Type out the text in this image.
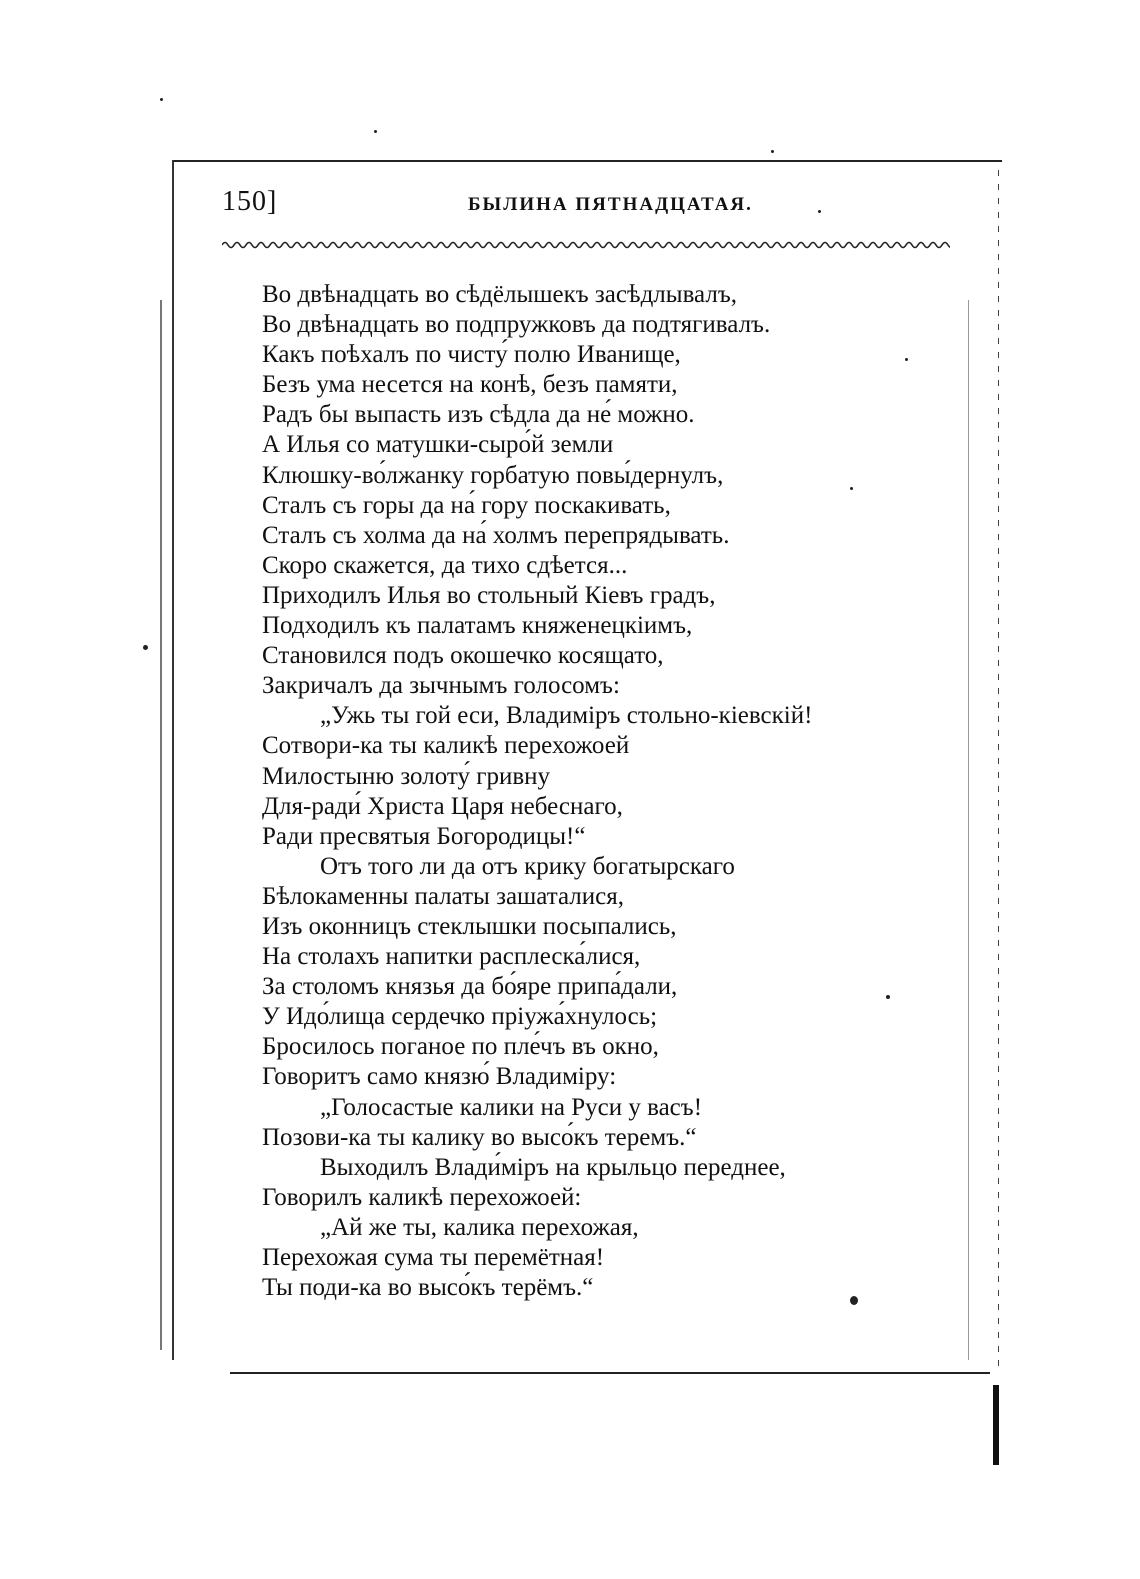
150]	БЫЛИНА ПЯТНАДЦАТАЯ.
Во двѣнадцать во сѣдёлышекъ засѣдлывалъ,
Во двѣнадцать во подпружковъ да подтягивалъ.
Какъ поѣхалъ по чисту́ полю Иванище,
Безъ ума несется на конѣ, безъ памяти,
Радъ бы выпасть изъ сѣдла да не́ можно.
А Илья со матушки-сыро́й земли
Клюшку-во́лжанку горбатую повы́дернулъ,
Сталъ съ горы да на́ гору поскакивать,
Сталъ съ холма да на́ холмъ перепрядывать.
Скоро скажется, да тихо сдѣется...
Приходилъ Илья во стольный Кіевъ градъ,
Подходилъ къ палатамъ княженецкіимъ,
Становился подъ окошечко косящато,
Закричалъ да зычнымъ голосомъ:
„Ужь ты гой еси, Владиміръ стольно-кіевскій!
Сотвори-ка ты каликѣ перехожоей
Милостыню золоту́ гривну
Для-ради́ Христа Царя небеснаго,
Ради пресвятыя Богородицы!“
Отъ того ли да отъ крику богатырскаго
Бѣлокаменны палаты зашаталися,
Изъ оконницъ стеклышки посыпались,
На столахъ напитки расплеска́лися,
За столомъ князья да бо́яре припа́дали,
У Идо́лища сердечко пріужа́хнулось;
Бросилось поганое по пле́чъ въ окно,
Говоритъ само князю́ Владиміру:
„Голосастые калики на Руси у васъ!
Позови-ка ты калику во высо́къ теремъ.“
Выходилъ Влади́міръ на крыльцо переднее,
Говорилъ каликѣ перехожоей:
„Ай же ты, калика перехожая,
Перехожая сума ты перемётная!
Ты поди-ка во высо́къ терёмъ.“
